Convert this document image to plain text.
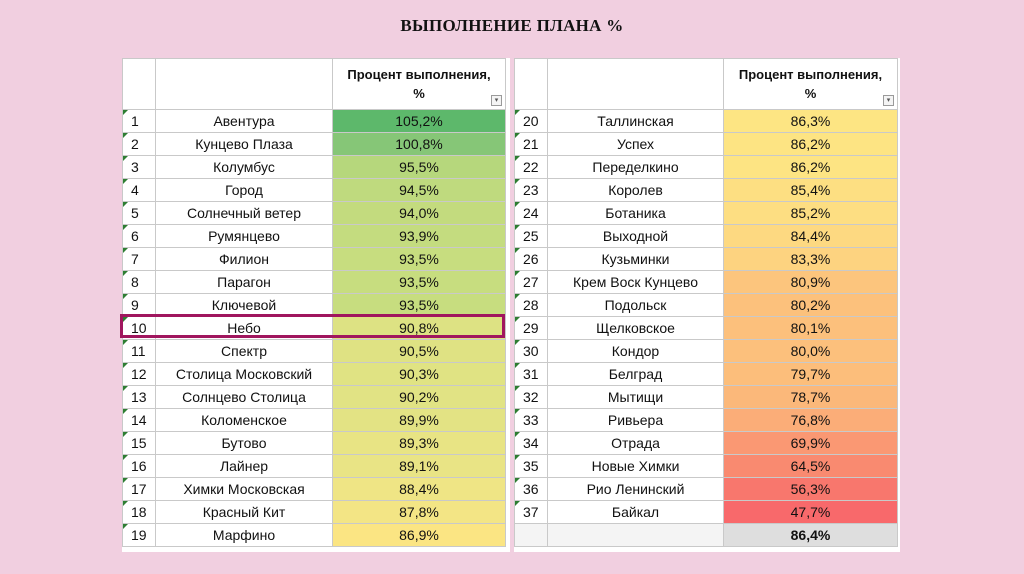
ВЫПОЛНЕНИЕ ПЛАНА %
		Процент выполнения, % ▾

1	Авентура	105,2%

2	Кунцево Плаза	100,8%

3	Колумбус	95,5%

4	Город	94,5%

5	Солнечный ветер	94,0%

6	Румянцево	93,9%

7	Филион	93,5%

8	Парагон	93,5%

9	Ключевой	93,5%

10	Небо	90,8%

11	Спектр	90,5%

12	Столица Московский	90,3%

13	Солнцево Столица	90,2%

14	Коломенское	89,9%

15	Бутово	89,3%

16	Лайнер	89,1%

17	Химки Московская	88,4%

18	Красный Кит	87,8%

19	Марфино	86,9%
		Процент выполнения, % ▾

20	Таллинская	86,3%

21	Успех	86,2%

22	Переделкино	86,2%

23	Королев	85,4%

24	Ботаника	85,2%

25	Выходной	84,4%

26	Кузьминки	83,3%

27	Крем Воск Кунцево	80,9%

28	Подольск	80,2%

29	Щелковское	80,1%

30	Кондор	80,0%

31	Белград	79,7%

32	Мытищи	78,7%

33	Ривьера	76,8%

34	Отрада	69,9%

35	Новые Химки	64,5%

36	Рио Ленинский	56,3%

37	Байкал	47,7%
		86,4%
